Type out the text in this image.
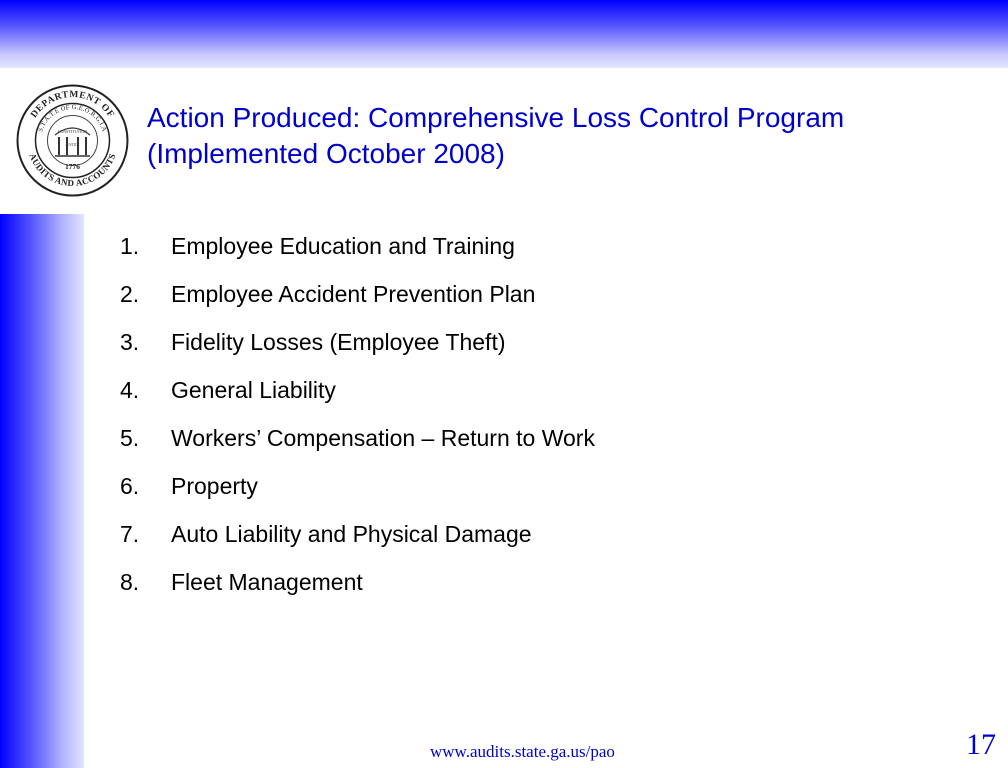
DEPARTMENT OF
AUDITS AND ACCOUNTS
S.T.A.T.E OF G.E.O.R.G.I.A
CONSTITUTION
JUSTICE
1776
Action Produced: Comprehensive Loss Control Program
(Implemented October 2008)
1.	Employee Education and Training
2.	Employee Accident Prevention Plan
3.	Fidelity Losses (Employee Theft)
4.	General Liability
5.	Workers’ Compensation – Return to Work
6.	Property
7.	Auto Liability and Physical Damage
8.	Fleet Management
www.audits.state.ga.us/pao	17
